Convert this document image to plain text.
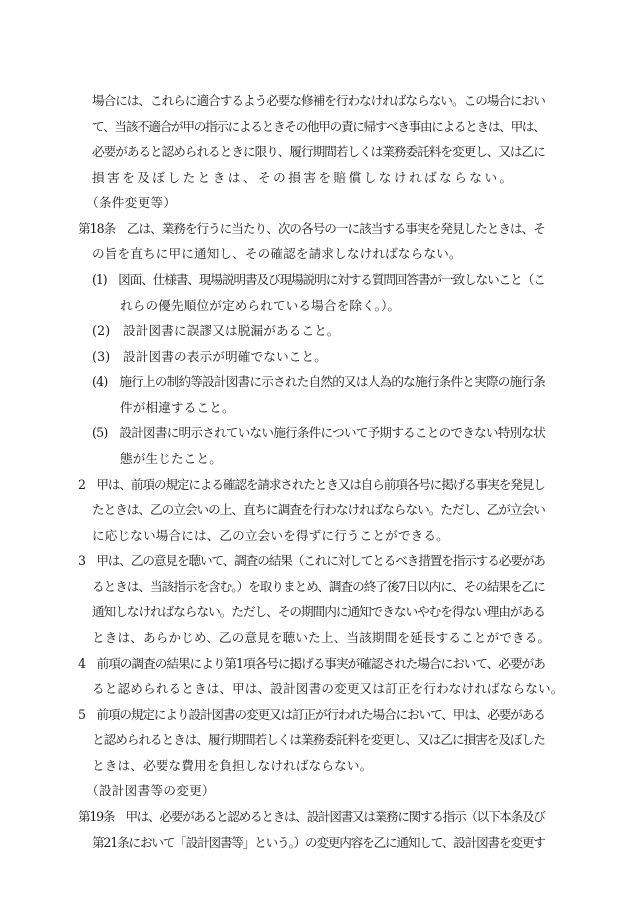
場合には、これらに適合するよう必要な修補を行わなければならない。この場合におい
て、当該不適合が甲の指示によるときその他甲の責に帰すべき事由によるときは、甲は、
必要があると認められるときに限り、履行期間若しくは業務委託料を変更し、又は乙に
損害を及ぼしたときは、その損害を賠償しなければならない。
（条件変更等）
第18条　乙は、業務を行うに当たり、次の各号の一に該当する事実を発見したときは、そ
の旨を直ちに甲に通知し、その確認を請求しなければならない。
(1)　図面、仕様書、現場説明書及び現場説明に対する質問回答書が一致しないこと（こ
れらの優先順位が定められている場合を除く。）。
(2)　設計図書に誤謬又は脱漏があること。
(3)　設計図書の表示が明確でないこと。
(4)　施行上の制約等設計図書に示された自然的又は人為的な施行条件と実際の施行条
件が相違すること。
(5)　設計図書に明示されていない施行条件について予期することのできない特別な状
態が生じたこと。
2　甲は、前項の規定による確認を請求されたとき又は自ら前項各号に掲げる事実を発見し
たときは、乙の立会いの上、直ちに調査を行わなければならない。ただし、乙が立会い
に応じない場合には、乙の立会いを得ずに行うことができる。
3　甲は、乙の意見を聴いて、調査の結果（これに対してとるべき措置を指示する必要があ
るときは、当該指示を含む。）を取りまとめ、調査の終了後7日以内に、その結果を乙に
通知しなければならない。ただし、その期間内に通知できないやむを得ない理由がある
ときは、あらかじめ、乙の意見を聴いた上、当該期間を延長することができる。
4　前項の調査の結果により第1項各号に掲げる事実が確認された場合において、必要があ
ると認められるときは、甲は、設計図書の変更又は訂正を行わなければならない。
5　前項の規定により設計図書の変更又は訂正が行われた場合において、甲は、必要がある
と認められるときは、履行期間若しくは業務委託料を変更し、又は乙に損害を及ぼした
ときは、必要な費用を負担しなければならない。
（設計図書等の変更）
第19条　甲は、必要があると認めるときは、設計図書又は業務に関する指示（以下本条及び
第21条において「設計図書等」という。）の変更内容を乙に通知して、設計図書を変更す
